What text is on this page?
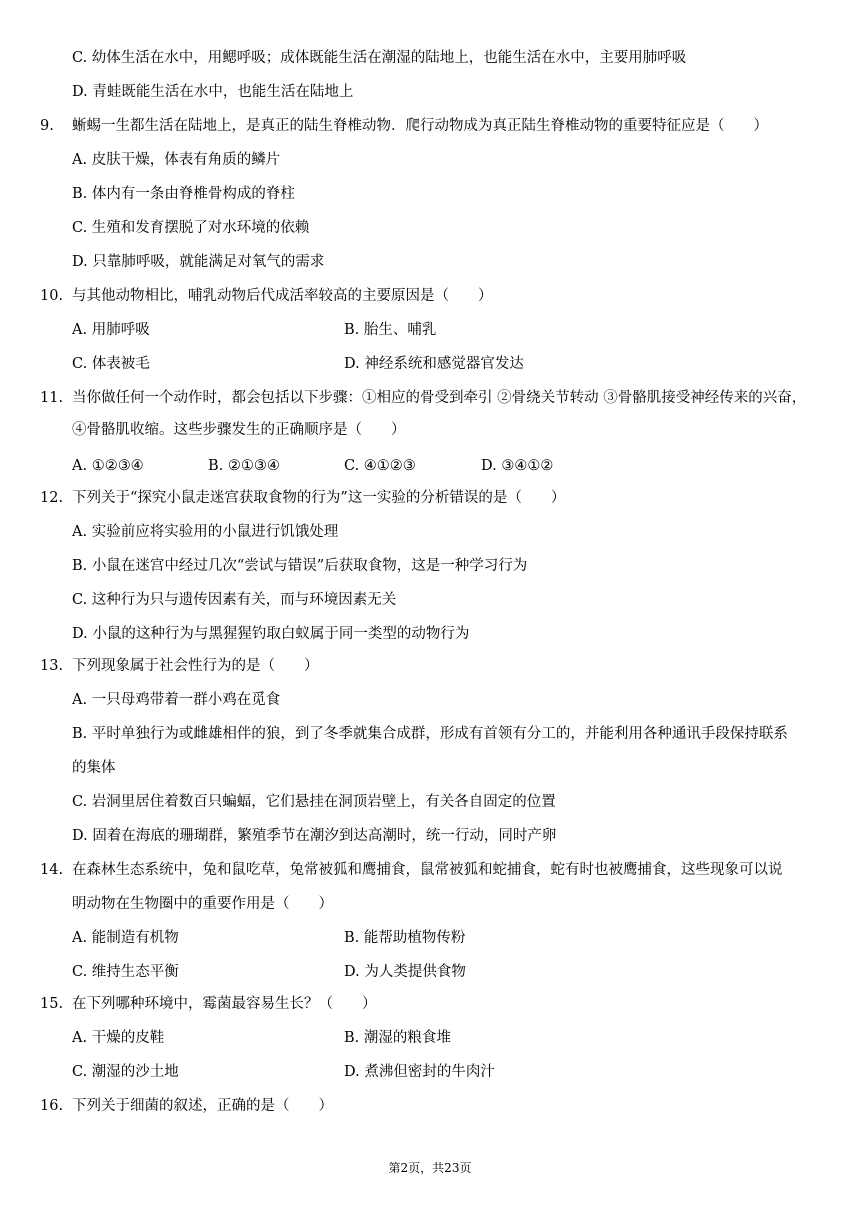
C. 幼体生活在水中，用鳃呼吸；成体既能生活在潮湿的陆地上，也能生活在水中，主要用肺呼吸
D. 青蛙既能生活在水中，也能生活在陆地上
9. 蜥蜴一生都生活在陆地上，是真正的陆生脊椎动物．爬行动物成为真正陆生脊椎动物的重要特征应是（　　）
A. 皮肤干燥，体表有角质的鳞片
B. 体内有一条由脊椎骨构成的脊柱
C. 生殖和发育摆脱了对水环境的依赖
D. 只靠肺呼吸，就能满足对氧气的需求
10. 与其他动物相比，哺乳动物后代成活率较高的主要原因是（　　）
A. 用肺呼吸	B. 胎生、哺乳
C. 体表被毛	D. 神经系统和感觉器官发达
11. 当你做任何一个动作时，都会包括以下步骤：①相应的骨受到牵引 ②骨绕关节转动 ③骨骼肌接受神经传来的兴奋，
④骨骼肌收缩。这些步骤发生的正确顺序是（　　）
A. ①②③④	B. ②①③④	C. ④①②③	D. ③④①②
12. 下列关于“探究小鼠走迷宫获取食物的行为”这一实验的分析错误的是（　　）
A. 实验前应将实验用的小鼠进行饥饿处理
B. 小鼠在迷宫中经过几次“尝试与错误”后获取食物，这是一种学习行为
C. 这种行为只与遗传因素有关，而与环境因素无关
D. 小鼠的这种行为与黑猩猩钓取白蚁属于同一类型的动物行为
13. 下列现象属于社会性行为的是（　　）
A. 一只母鸡带着一群小鸡在觅食
B. 平时单独行为或雌雄相伴的狼，到了冬季就集合成群，形成有首领有分工的，并能利用各种通讯手段保持联系
的集体
C. 岩洞里居住着数百只蝙蝠，它们悬挂在洞顶岩壁上，有关各自固定的位置
D. 固着在海底的珊瑚群，繁殖季节在潮汐到达高潮时，统一行动，同时产卵
14. 在森林生态系统中，兔和鼠吃草，兔常被狐和鹰捕食，鼠常被狐和蛇捕食，蛇有时也被鹰捕食，这些现象可以说
明动物在生物圈中的重要作用是（　　）
A. 能制造有机物	B. 能帮助植物传粉
C. 维持生态平衡	D. 为人类提供食物
15. 在下列哪种环境中，霉菌最容易生长？（　　）
A. 干燥的皮鞋	B. 潮湿的粮食堆
C. 潮湿的沙土地	D. 煮沸但密封的牛肉汁
16. 下列关于细菌的叙述，正确的是（　　）
第2页，共23页
